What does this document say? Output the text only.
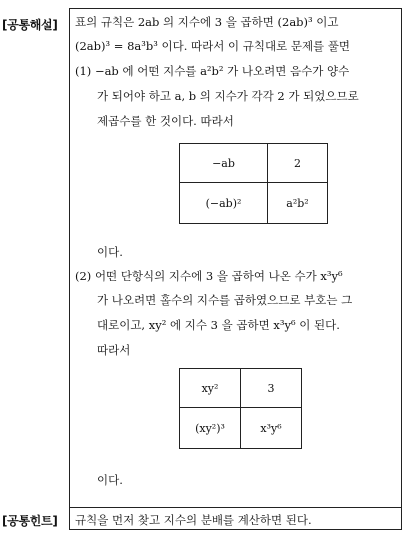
[공통해설]
[공통힌트]
표의 규칙은 2ab 의 지수에 3 을 곱하면 (2ab)³ 이고
(2ab)³ = 8a³b³ 이다. 따라서 이 규칙대로 문제를 풀면
(1) −ab 에 어떤 지수를 a²b² 가 나오려면 음수가 양수
가 되어야 하고 a, b 의 지수가 각각 2 가 되었으므로
제곱수를 한 것이다. 따라서
−ab	2
(−ab)²	a²b²
이다.
(2) 어떤 단항식의 지수에 3 을 곱하여 나온 수가 x³y⁶
가 나오려면 홀수의 지수를 곱하였으므로 부호는 그
대로이고, xy² 에 지수 3 을 곱하면 x³y⁶ 이 된다.
따라서
xy²	3
(xy²)³	x³y⁶
이다.
규칙을 먼저 찾고 지수의 분배를 계산하면 된다.
